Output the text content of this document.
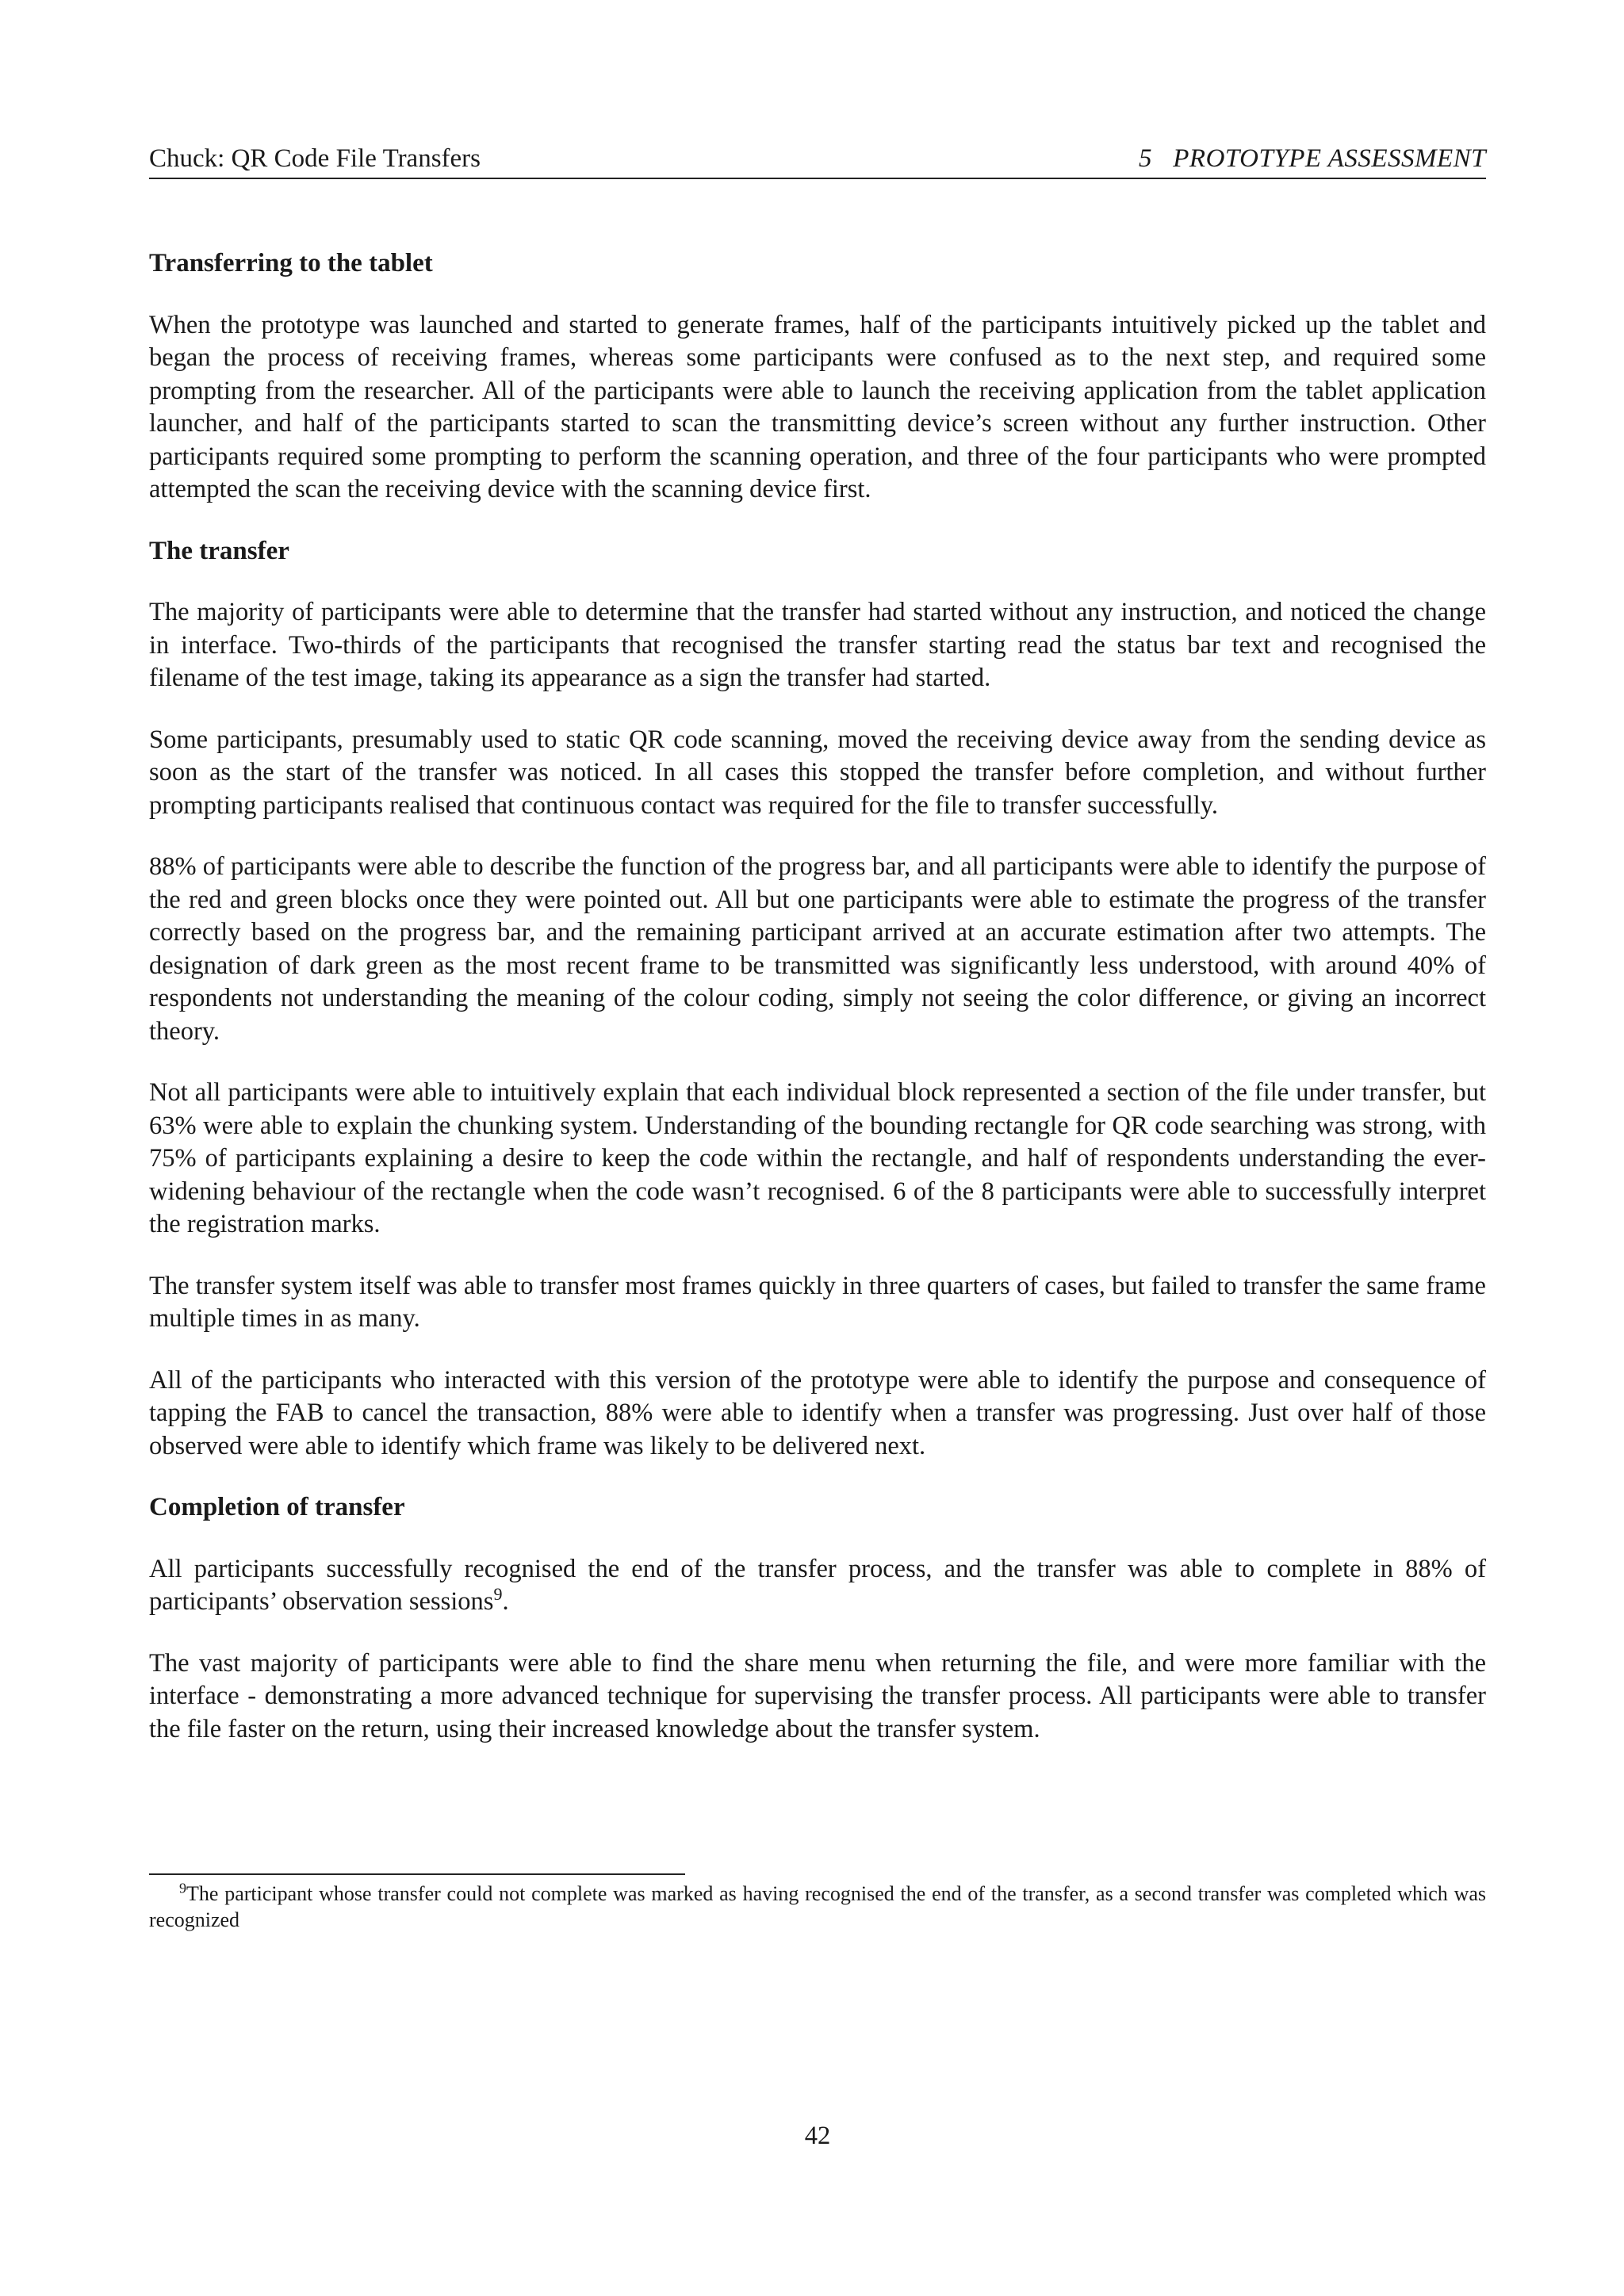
Chuck: QR Code File Transfers	5   PROTOTYPE ASSESSMENT
Transferring to the tablet

When the prototype was launched and started to generate frames, half of the participants intuitively picked up the tablet and began the process of receiving frames, whereas some participants were confused as to the next step, and required some prompting from the researcher. All of the participants were able to launch the receiving application from the tablet application launcher, and half of the participants started to scan the transmitting device’s screen without any further instruction. Other participants required some prompting to perform the scanning operation, and three of the four participants who were prompted attempted the scan the receiving device with the scanning device first.

The transfer

The majority of participants were able to determine that the transfer had started without any instruction, and noticed the change in interface. Two-thirds of the participants that recognised the transfer starting read the status bar text and recognised the filename of the test image, taking its appearance as a sign the transfer had started.

Some participants, presumably used to static QR code scanning, moved the receiving device away from the sending device as soon as the start of the transfer was noticed. In all cases this stopped the transfer before completion, and without further prompting participants realised that continuous contact was required for the file to transfer successfully.

88% of participants were able to describe the function of the progress bar, and all participants were able to identify the purpose of the red and green blocks once they were pointed out. All but one participants were able to estimate the progress of the transfer correctly based on the progress bar, and the remaining participant arrived at an accurate estimation after two attempts. The designation of dark green as the most recent frame to be transmitted was significantly less understood, with around 40% of respondents not understanding the meaning of the colour coding, simply not seeing the color difference, or giving an incorrect theory.

Not all participants were able to intuitively explain that each individual block represented a section of the file under transfer, but 63% were able to explain the chunking system. Understanding of the bounding rectangle for QR code searching was strong, with 75% of participants explaining a desire to keep the code within the rectangle, and half of respondents understanding the ever-widening behaviour of the rectangle when the code wasn’t recognised. 6 of the 8 participants were able to successfully interpret the registration marks.

The transfer system itself was able to transfer most frames quickly in three quarters of cases, but failed to transfer the same frame multiple times in as many.

All of the participants who interacted with this version of the prototype were able to identify the purpose and consequence of tapping the FAB to cancel the transaction, 88% were able to identify when a transfer was progressing. Just over half of those observed were able to identify which frame was likely to be delivered next.

Completion of transfer

All participants successfully recognised the end of the transfer process, and the transfer was able to complete in 88% of participants’ observation sessions$^9$.

The vast majority of participants were able to find the share menu when returning the file, and were more familiar with the interface - demonstrating a more advanced technique for supervising the transfer process. All participants were able to transfer the file faster on the return, using their increased knowledge about the transfer system.

$^9$The participant whose transfer could not complete was marked as having recognised the end of the transfer, as a second transfer was completed which was recognized
42
